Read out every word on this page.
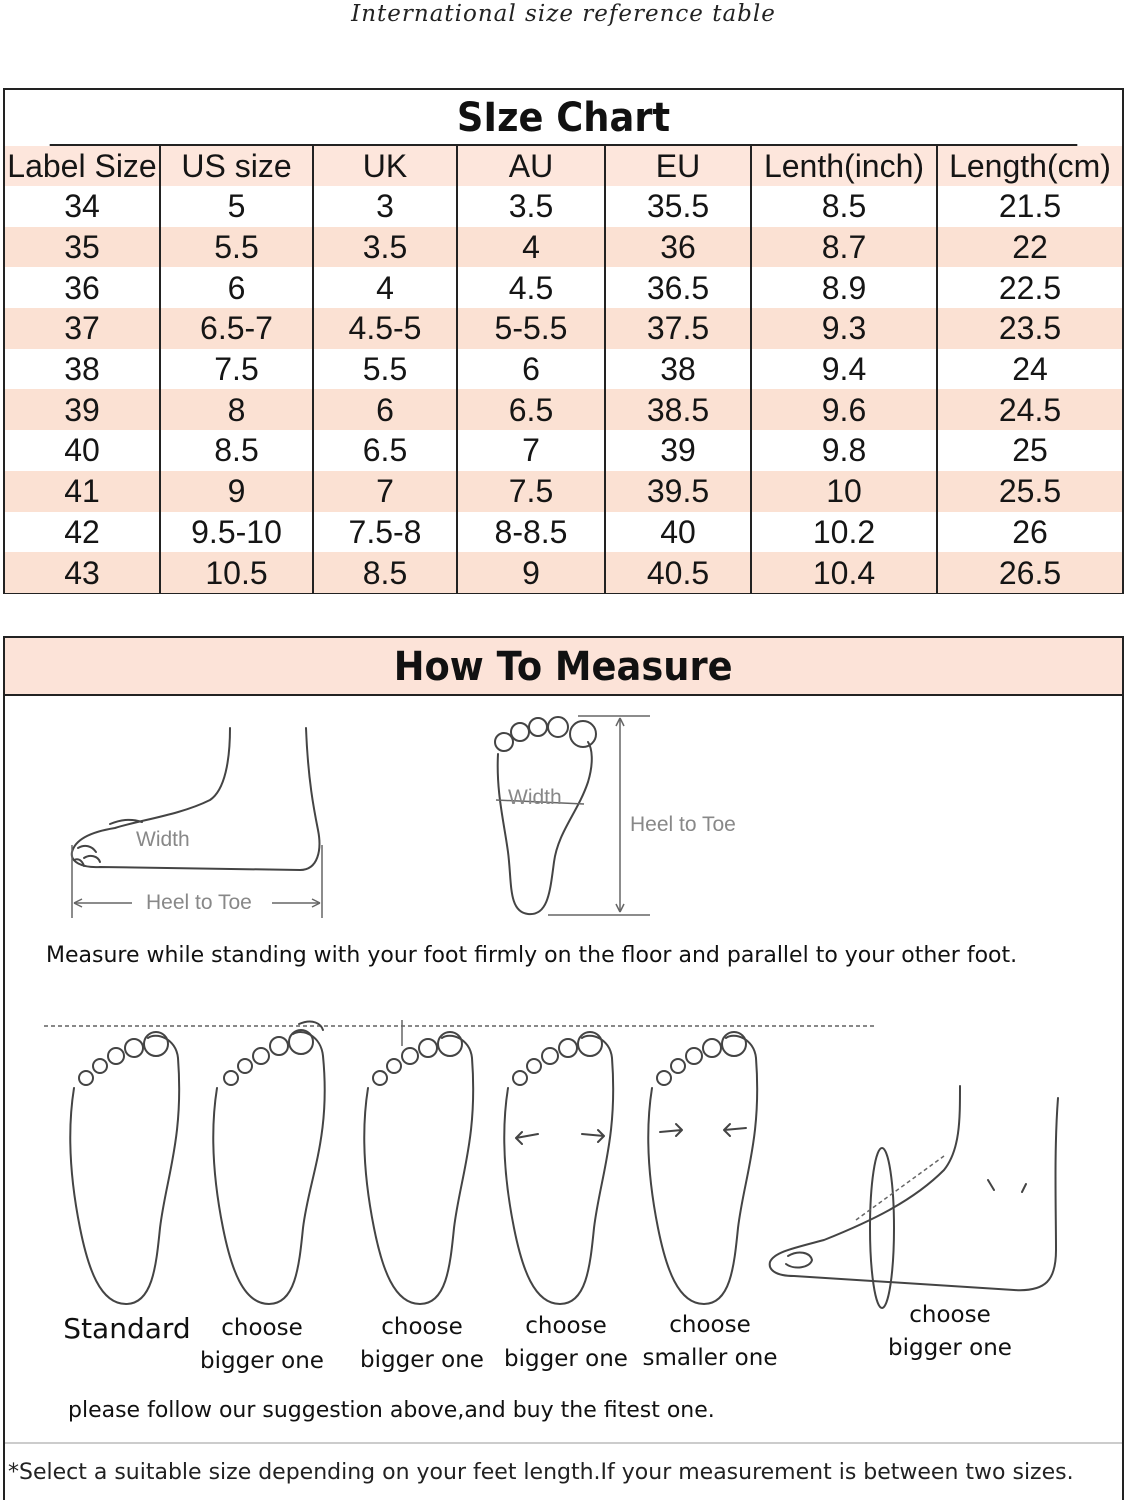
International size reference table
SIze Chart
Label Size	US size	UK	AU	EU	Lenth(inch)	Length(cm)
34	5	3	3.5	35.5	8.5	21.5
35	5.5	3.5	4	36	8.7	22
36	6	4	4.5	36.5	8.9	22.5
37	6.5-7	4.5-5	5-5.5	37.5	9.3	23.5
38	7.5	5.5	6	38	9.4	24
39	8	6	6.5	38.5	9.6	24.5
40	8.5	6.5	7	39	9.8	25
41	9	7	7.5	39.5	10	25.5
42	9.5-10	7.5-8	8-8.5	40	10.2	26
43	10.5	8.5	9	40.5	10.4	26.5
How To Measure
Width
Heel to Toe
Width
Heel to Toe
Measure while standing with your foot firmly on the floor and parallel to your other foot.
Standard	choose
bigger one
choose
bigger one
choose
bigger one
choose
smaller one
choose
bigger one
please follow our suggestion above,and buy the fitest one.
*Select a suitable size depending on your feet length.If your measurement is between two sizes.
